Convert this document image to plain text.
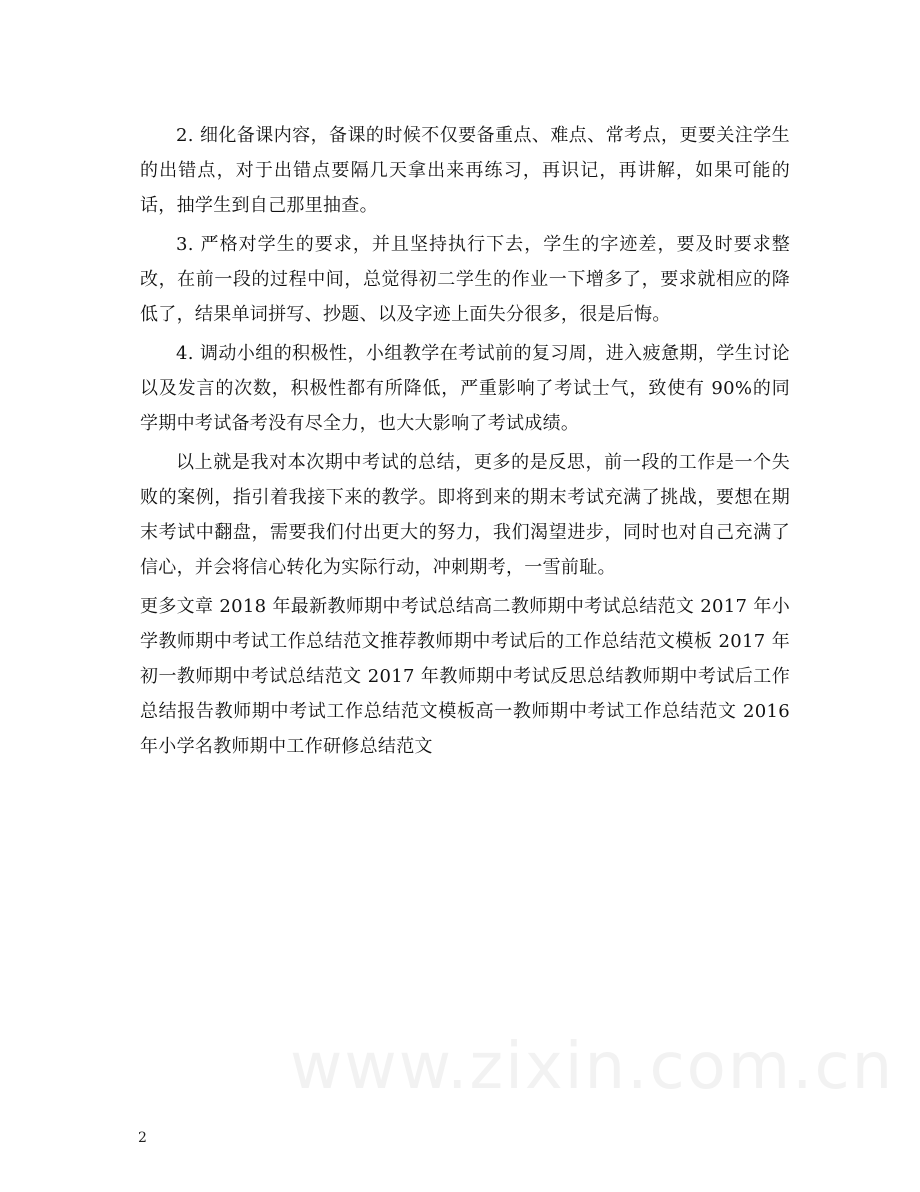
2. 细化备课内容，备课的时候不仅要备重点、难点、常考点，更要关注学生的出错点，对于出错点要隔几天拿出来再练习，再识记，再讲解，如果可能的话，抽学生到自己那里抽查。

3. 严格对学生的要求，并且坚持执行下去，学生的字迹差，要及时要求整改，在前一段的过程中间，总觉得初二学生的作业一下增多了，要求就相应的降低了，结果单词拼写、抄题、以及字迹上面失分很多，很是后悔。

4. 调动小组的积极性，小组教学在考试前的复习周，进入疲惫期，学生讨论以及发言的次数，积极性都有所降低，严重影响了考试士气，致使有 90%的同学期中考试备考没有尽全力，也大大影响了考试成绩。

以上就是我对本次期中考试的总结，更多的是反思，前一段的工作是一个失败的案例，指引着我接下来的教学。即将到来的期末考试充满了挑战，要想在期末考试中翻盘，需要我们付出更大的努力，我们渴望进步，同时也对自己充满了信心，并会将信心转化为实际行动，冲刺期考，一雪前耻。

更多文章 2018 年最新教师期中考试总结高二教师期中考试总结范文 2017 年小学教师期中考试工作总结范文推荐教师期中考试后的工作总结范文模板 2017 年初一教师期中考试总结范文 2017 年教师期中考试反思总结教师期中考试后工作总结报告教师期中考试工作总结范文模板高一教师期中考试工作总结范文 2016 年小学名教师期中工作研修总结范文

www.zixin.com.cn
2
